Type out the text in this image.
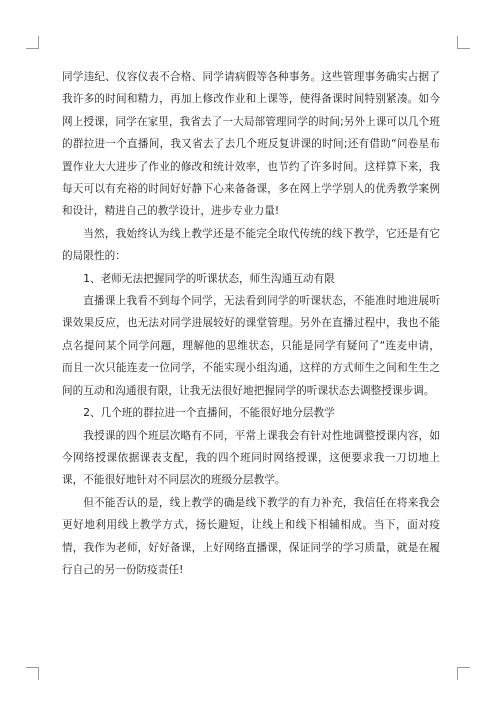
同学违纪、仪容仪表不合格、同学请病假等各种事务。这些管理事务确实占据了我许多的时间和精力，再加上修改作业和上课等，使得备课时间特别紧凑。如今网上授课，同学在家里，我省去了一大局部管理同学的时间;另外上课可以几个班的群拉进一个直播间，我又省去了去几个班反复讲课的时间;还有借助“问卷星布置作业大大进步了作业的修改和统计效率，也节约了许多时间。这样算下来，我每天可以有充裕的时间好好静下心来备备课，多在网上学学别人的优秀教学案例和设计，精进自己的教学设计，进步专业力量!

当然，我始终认为线上教学还是不能完全取代传统的线下教学，它还是有它的局限性的：

1、老师无法把握同学的听课状态，师生沟通互动有限

直播课上我看不到每个同学，无法看到同学的听课状态，不能准时地进展听课效果反应，也无法对同学进展较好的课堂管理。另外在直播过程中，我也不能点名提问某个同学问题，理解他的思维状态，只能是同学有疑问了“连麦申请，而且一次只能连麦一位同学，不能实现小组沟通，这样的方式师生之间和生生之间的互动和沟通很有限，让我无法很好地把握同学的听课状态去调整授课步调。

2、几个班的群拉进一个直播间，不能很好地分层教学

我授课的四个班层次略有不同，平常上课我会有针对性地调整授课内容，如今网络授课依据课表支配，我的四个班同时网络授课，这便要求我一刀切地上课，不能很好地针对不同层次的班级分层教学。

但不能否认的是，线上教学的确是线下教学的有力补充，我信任在将来我会更好地利用线上教学方式，扬长避短，让线上和线下相辅相成。当下，面对疫情，我作为老师，好好备课，上好网络直播课，保证同学的学习质量，就是在履行自己的另一份防疫责任!
